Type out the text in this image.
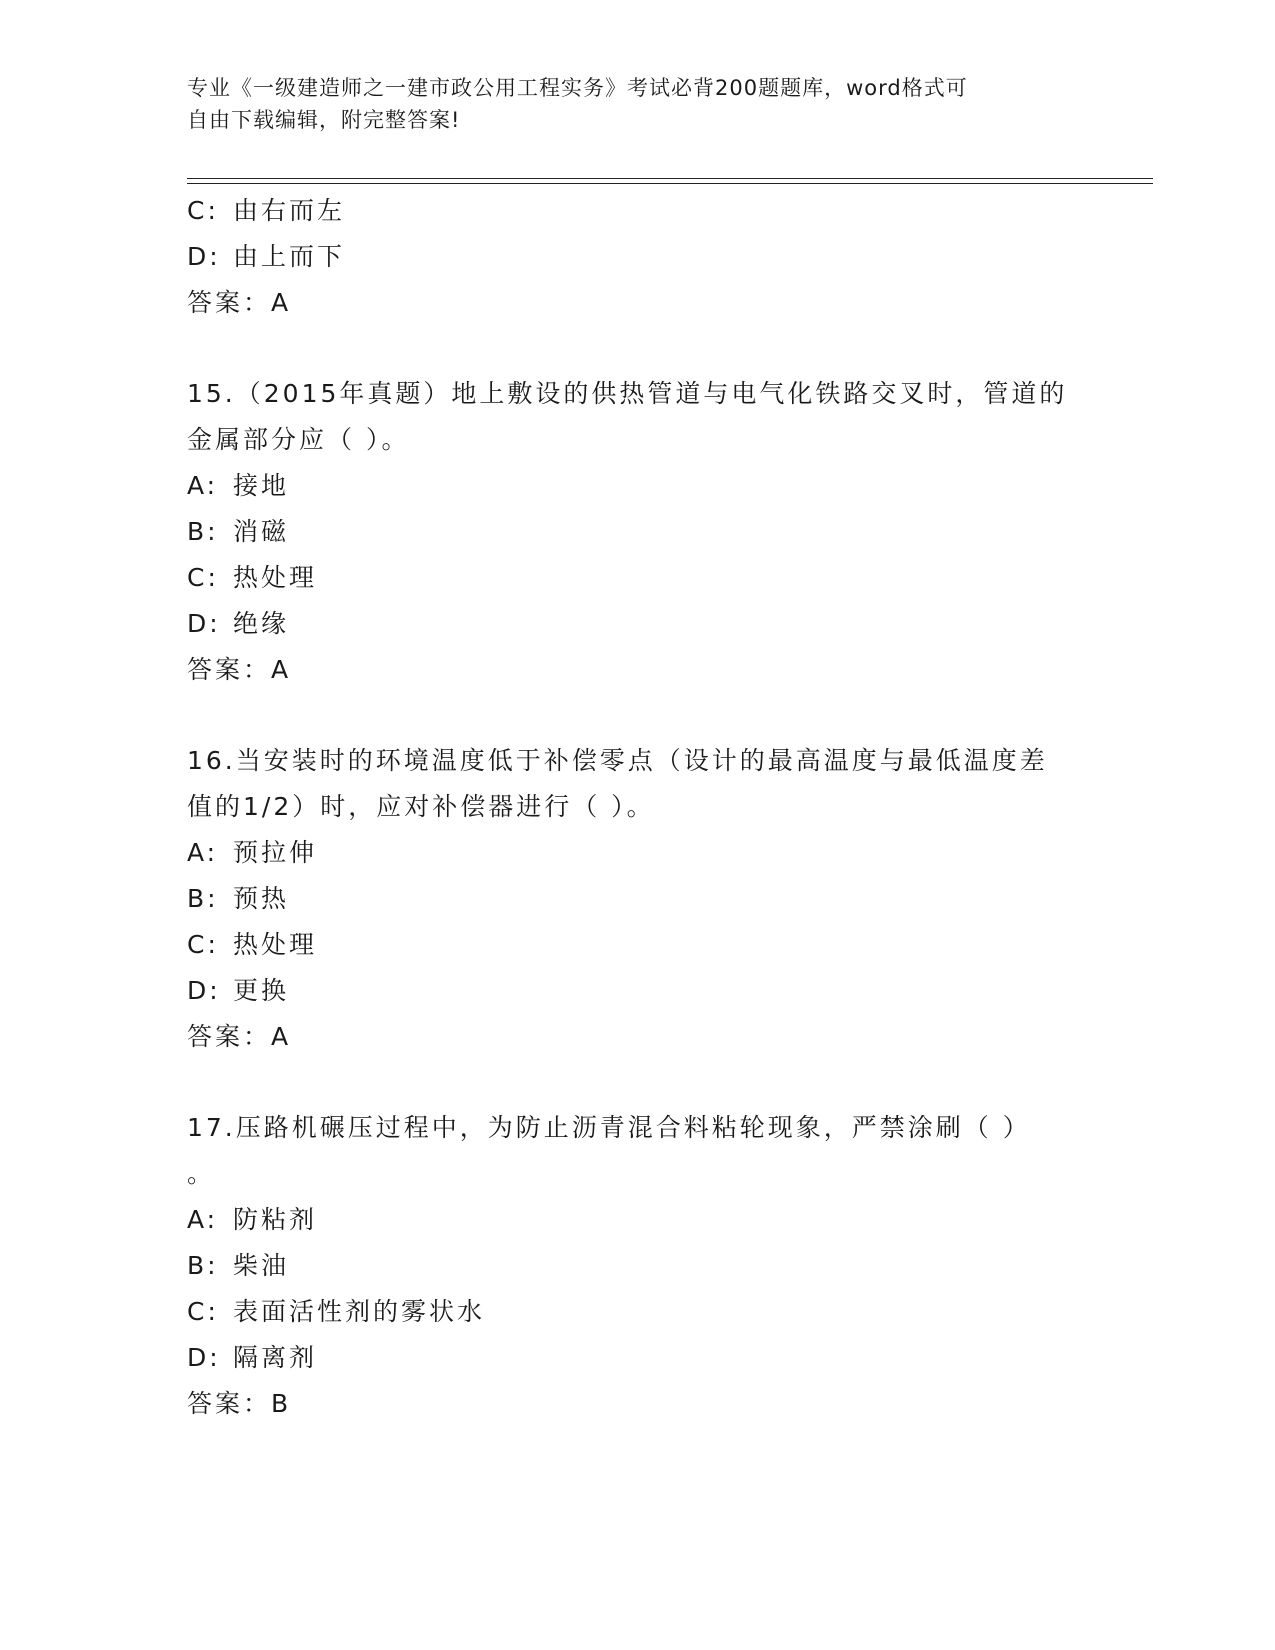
专业《一级建造师之一建市政公用工程实务》考试必背200题题库，word格式可
自由下载编辑，附完整答案!
C: 由右而左
D: 由上而下
答案：A
15.（2015年真题）地上敷设的供热管道与电气化铁路交叉时，管道的
金属部分应（ ）。
A: 接地
B: 消磁
C: 热处理
D: 绝缘
答案：A
16.当安装时的环境温度低于补偿零点（设计的最高温度与最低温度差
值的1/2）时，应对补偿器进行（ ）。
A: 预拉伸
B: 预热
C: 热处理
D: 更换
答案：A
17.压路机碾压过程中，为防止沥青混合料粘轮现象，严禁涂刷（ ）
。
A: 防粘剂
B: 柴油
C: 表面活性剂的雾状水
D: 隔离剂
答案：B
